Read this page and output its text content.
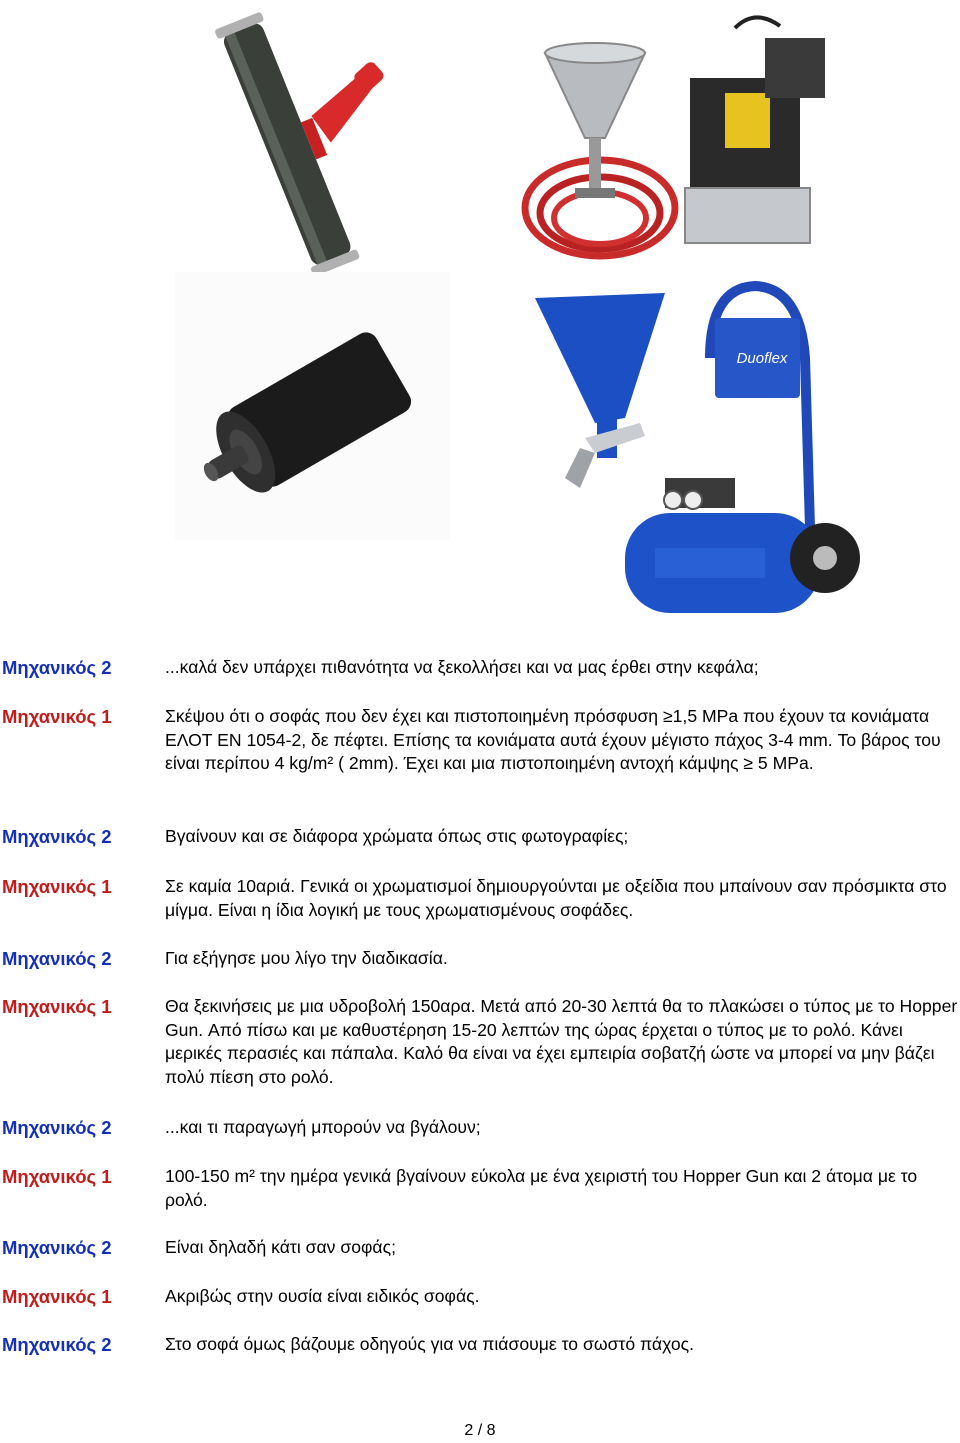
Duoflex
Μηχανικός 2	...καλά δεν υπάρχει πιθανότητα να ξεκολλήσει και να μας έρθει στην κεφάλα;
Μηχανικός 1	Σκέψου ότι ο σοφάς που δεν έχει και πιστοποιημένη πρόσφυση ≥1,5 MPa που έχουν τα κονιάματα ΕΛΟΤ ΕΝ 1054-2, δε πέφτει. Επίσης τα κονιάματα αυτά έχουν μέγιστο πάχος 3-4 mm. Το βάρος του είναι περίπου 4 kg/m² ( 2mm). Έχει και μια πιστοποιημένη αντοχή κάμψης ≥ 5 MPa.
Μηχανικός 2	Βγαίνουν και σε διάφορα χρώματα όπως στις φωτογραφίες;
Μηχανικός 1	Σε καμία 10αριά. Γενικά οι χρωματισμοί δημιουργούνται με οξείδια που μπαίνουν σαν πρόσμικτα στο μίγμα. Είναι η ίδια λογική με τους χρωματισμένους σοφάδες.
Μηχανικός 2	Για εξήγησε μου λίγο την διαδικασία.
Μηχανικός 1	Θα ξεκινήσεις με μια υδροβολή 150αρα. Μετά από 20-30 λεπτά θα το πλακώσει ο τύπος με το Hopper Gun. Από πίσω και με καθυστέρηση 15-20 λεπτών της ώρας έρχεται ο τύπος με το ρολό. Κάνει μερικές περασιές και πάπαλα. Καλό θα είναι να έχει εμπειρία σοβατζή ώστε να μπορεί να μην βάζει πολύ πίεση στο ρολό.
Μηχανικός 2	...και τι παραγωγή μπορούν να βγάλουν;
Μηχανικός 1	100-150 m² την ημέρα γενικά βγαίνουν εύκολα με ένα χειριστή του Hopper Gun και 2 άτομα με το ρολό.
Μηχανικός 2	Είναι δηλαδή κάτι σαν σοφάς;
Μηχανικός 1	Ακριβώς στην ουσία είναι ειδικός σοφάς.
Μηχανικός 2	Στο σοφά όμως βάζουμε οδηγούς για να πιάσουμε το σωστό πάχος.
2 / 8
